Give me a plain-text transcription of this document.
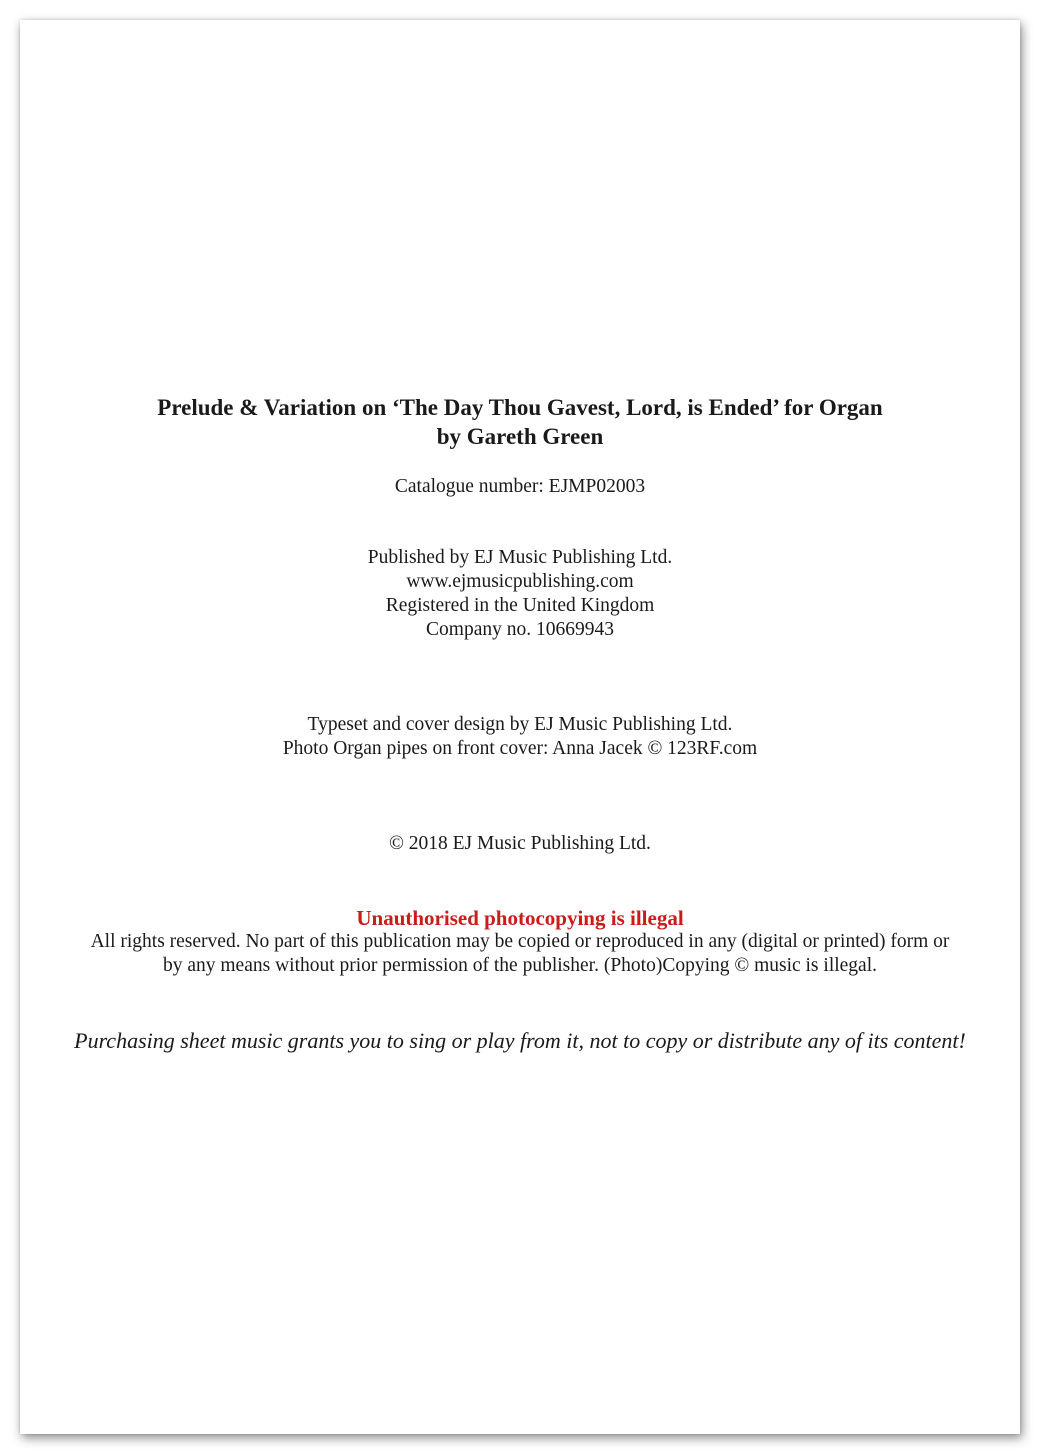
Prelude & Variation on ‘The Day Thou Gavest, Lord, is Ended’ for Organ
by Gareth Green
Catalogue number: EJMP02003
Published by EJ Music Publishing Ltd.
www.ejmusicpublishing.com
Registered in the United Kingdom
Company no. 10669943
Typeset and cover design by EJ Music Publishing Ltd.
Photo Organ pipes on front cover: Anna Jacek © 123RF.com
© 2018 EJ Music Publishing Ltd.
Unauthorised photocopying is illegal
All rights reserved. No part of this publication may be copied or reproduced in any (digital or printed) form or
by any means without prior permission of the publisher. (Photo)Copying © music is illegal.
Purchasing sheet music grants you to sing or play from it, not to copy or distribute any of its content!
